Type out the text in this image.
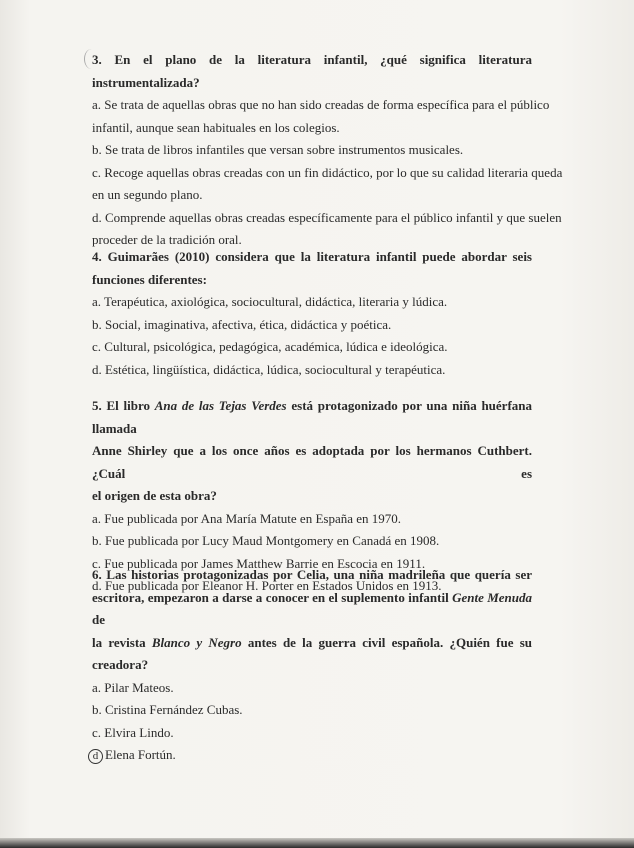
3. En el plano de la literatura infantil, ¿qué significa literatura instrumentalizada?
a. Se trata de aquellas obras que no han sido creadas de forma específica para el público
infantil, aunque sean habituales en los colegios.
b. Se trata de libros infantiles que versan sobre instrumentos musicales.
c. Recoge aquellas obras creadas con un fin didáctico, por lo que su calidad literaria queda
en un segundo plano.
d. Comprende aquellas obras creadas específicamente para el público infantil y que suelen
proceder de la tradición oral.
4. Guimarães (2010) considera que la literatura infantil puede abordar seis
funciones diferentes:
a. Terapéutica, axiológica, sociocultural, didáctica, literaria y lúdica.
b. Social, imaginativa, afectiva, ética, didáctica y poética.
c. Cultural, psicológica, pedagógica, académica, lúdica e ideológica.
d. Estética, lingüística, didáctica, lúdica, sociocultural y terapéutica.
5. El libro Ana de las Tejas Verdes está protagonizado por una niña huérfana llamada
Anne Shirley que a los once años es adoptada por los hermanos Cuthbert. ¿Cuál es
el origen de esta obra?
a. Fue publicada por Ana María Matute en España en 1970.
b. Fue publicada por Lucy Maud Montgomery en Canadá en 1908.
c. Fue publicada por James Matthew Barrie en Escocia en 1911.
d. Fue publicada por Eleanor H. Porter en Estados Unidos en 1913.
6. Las historias protagonizadas por Celia, una niña madrileña que quería ser
escritora, empezaron a darse a conocer en el suplemento infantil Gente Menuda de
la revista Blanco y Negro antes de la guerra civil española. ¿Quién fue su creadora?
a. Pilar Mateos.
b. Cristina Fernández Cubas.
c. Elvira Lindo.
d Elena Fortún.
